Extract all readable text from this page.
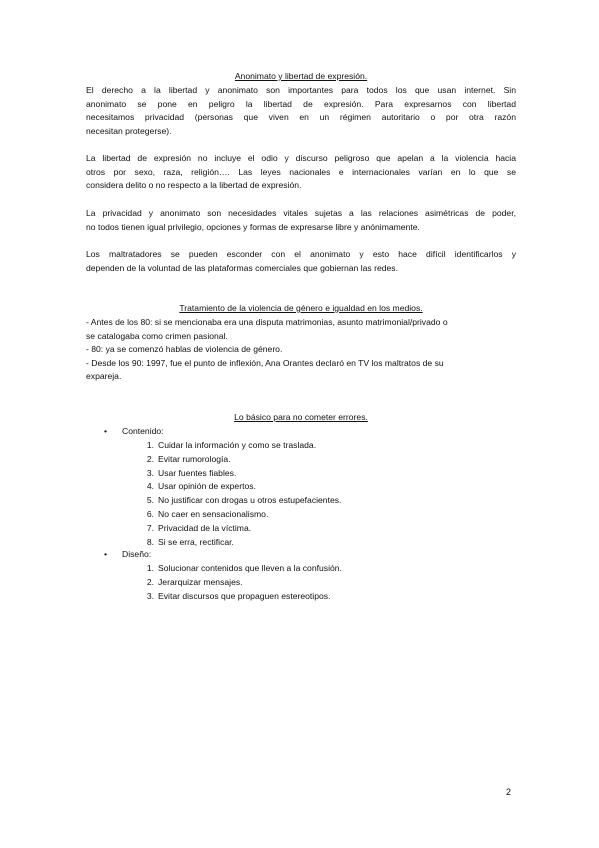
Anonimato y libertad de expresión.
El derecho a la libertad y anonimato son importantes para todos los que usan internet. Sin
anonimato se pone en peligro la libertad de expresión. Para expresarnos con libertad
necesitamos privacidad (personas que viven en un régimen autoritario o por otra razón
necesitan protegerse).
La libertad de expresión no incluye el odio y discurso peligroso que apelan a la violencia hacia
otros por sexo, raza, religión…. Las leyes nacionales e internacionales varían en lo que se
considera delito o no respecto a la libertad de expresión.
La privacidad y anonimato son necesidades vitales sujetas a las relaciones asimétricas de poder,
no todos tienen igual privilegio, opciones y formas de expresarse libre y anónimamente.
Los maltratadores se pueden esconder con el anonimato y esto hace difícil identificarlos y
dependen de la voluntad de las plataformas comerciales que gobiernan las redes.
Tratamiento de la violencia de género e igualdad en los medios.
- Antes de los 80: si se mencionaba era una disputa matrimonias, asunto matrimonial/privado o
se catalogaba como crimen pasional.
- 80: ya se comenzó hablas de violencia de género.
- Desde los 90: 1997, fue el punto de inflexión, Ana Orantes declaró en TV los maltratos de su
expareja.
Lo básico para no cometer errores.
•	Contenido:
1. Cuidar la información y como se traslada.
2. Evitar rumorología.
3. Usar fuentes fiables.
4. Usar opinión de expertos.
5. No justificar con drogas u otros estupefacientes.
6. No caer en sensacionalismo.
7. Privacidad de la víctima.
8. Si se erra, rectificar.
•	Diseño:
1. Solucionar contenidos que lleven a la confusión.
2. Jerarquizar mensajes.
3. Evitar discursos que propaguen estereotipos.
2
